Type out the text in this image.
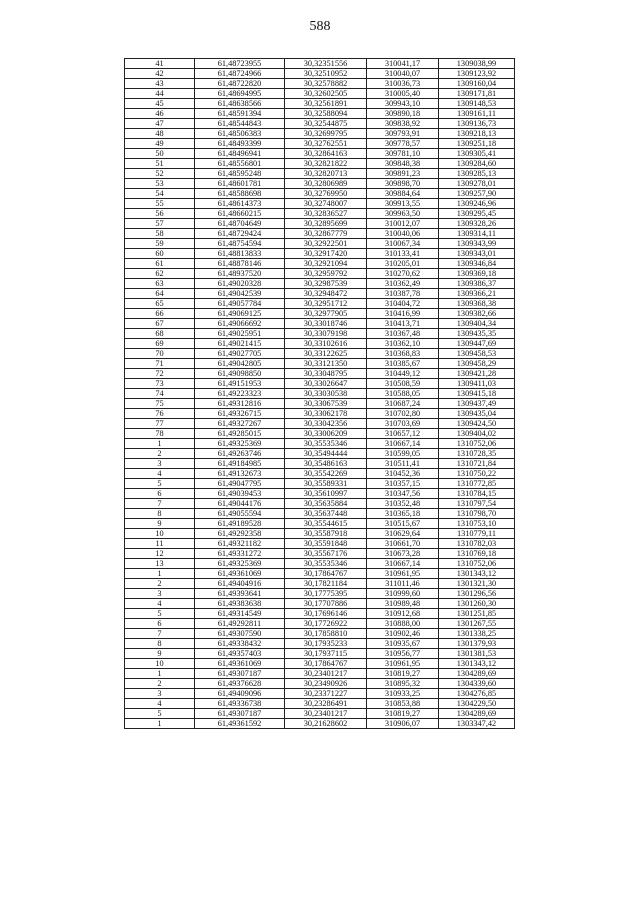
588
41	61,48723955	30,32351556	310041,17	1309038,99
42	61,48724966	30,32510952	310040,07	1309123,92
43	61,48722820	30,32578882	310036,73	1309160,04
44	61,48694995	30,32602505	310005,40	1309171,81
45	61,48638566	30,32561891	309943,10	1309148,53
46	61,48591394	30,32588094	309890,18	1309161,11
47	61,48544843	30,32544875	309838,92	1309136,73
48	61,48506383	30,32699795	309793,91	1309218,13
49	61,48493399	30,32762551	309778,57	1309251,18
50	61,48496941	30,32864163	309781,10	1309305,41
51	61,48556801	30,32821822	309848,38	1309284,60
52	61,48595248	30,32820713	309891,23	1309285,13
53	61,48601781	30,32806989	309898,70	1309278,01
54	61,48588698	30,32769950	309884,64	1309257,90
55	61,48614373	30,32748007	309913,55	1309246,96
56	61,48660215	30,32836527	309963,50	1309295,45
57	61,48704649	30,32895699	310012,07	1309328,26
58	61,48729424	30,32867779	310040,06	1309314,11
59	61,48754594	30,32922501	310067,34	1309343,99
60	61,48813833	30,32917420	310133,41	1309343,01
61	61,48878146	30,32921094	310205,01	1309346,84
62	61,48937520	30,32959792	310270,62	1309369,18
63	61,49020328	30,32987539	310362,49	1309386,37
64	61,49042539	30,32948472	310387,78	1309366,21
65	61,49057784	30,32951712	310404,72	1309368,38
66	61,49069125	30,32977905	310416,99	1309382,66
67	61,49066692	30,33018746	310413,71	1309404,34
68	61,49025951	30,33079198	310367,48	1309435,35
69	61,49021415	30,33102616	310362,10	1309447,69
70	61,49027705	30,33122625	310368,83	1309458,53
71	61,49042805	30,33121350	310385,67	1309458,29
72	61,49098850	30,33048795	310449,12	1309421,28
73	61,49151953	30,33026647	310508,59	1309411,03
74	61,49223323	30,33030538	310588,05	1309415,18
75	61,49312816	30,33067539	310687,24	1309437,49
76	61,49326715	30,33062178	310702,80	1309435,04
77	61,49327267	30,33042356	310703,69	1309424,50
78	61,49285015	30,33006209	310657,12	1309404,02
1	61,49325369	30,35535346	310667,14	1310752,06
2	61,49263746	30,35494444	310599,05	1310728,35
3	61,49184985	30,35486163	310511,41	1310721,84
4	61,49132673	30,35542269	310452,36	1310750,22
5	61,49047795	30,35589331	310357,15	1310772,85
6	61,49039453	30,35610997	310347,56	1310784,15
7	61,49044176	30,35635884	310352,48	1310797,54
8	61,49055594	30,35637448	310365,18	1310798,70
9	61,49189528	30,35544615	310515,67	1310753,10
10	61,49292358	30,35587918	310629,64	1310779,11
11	61,49321182	30,35591848	310661,70	1310782,03
12	61,49331272	30,35567176	310673,28	1310769,18
13	61,49325369	30,35535346	310667,14	1310752,06
1	61,49361069	30,17864767	310961,95	1301343,12
2	61,49404916	30,17821184	311011,46	1301321,30
3	61,49393641	30,17775395	310999,60	1301296,56
4	61,49383638	30,17707886	310989,48	1301260,30
5	61,49314549	30,17696146	310912,68	1301251,85
6	61,49292811	30,17726922	310888,00	1301267,55
7	61,49307590	30,17858810	310902,46	1301338,25
8	61,49338432	30,17935233	310935,67	1301379,93
9	61,49357403	30,17937115	310956,77	1301381,53
10	61,49361069	30,17864767	310961,95	1301343,12
1	61,49307187	30,23401217	310819,27	1304289,69
2	61,49376628	30,23490926	310895,32	1304339,60
3	61,49409096	30,23371227	310933,25	1304276,85
4	61,49336738	30,23286491	310853,88	1304229,50
5	61,49307187	30,23401217	310819,27	1304289,69
1	61,49361592	30,21628602	310906,07	1303347,42
